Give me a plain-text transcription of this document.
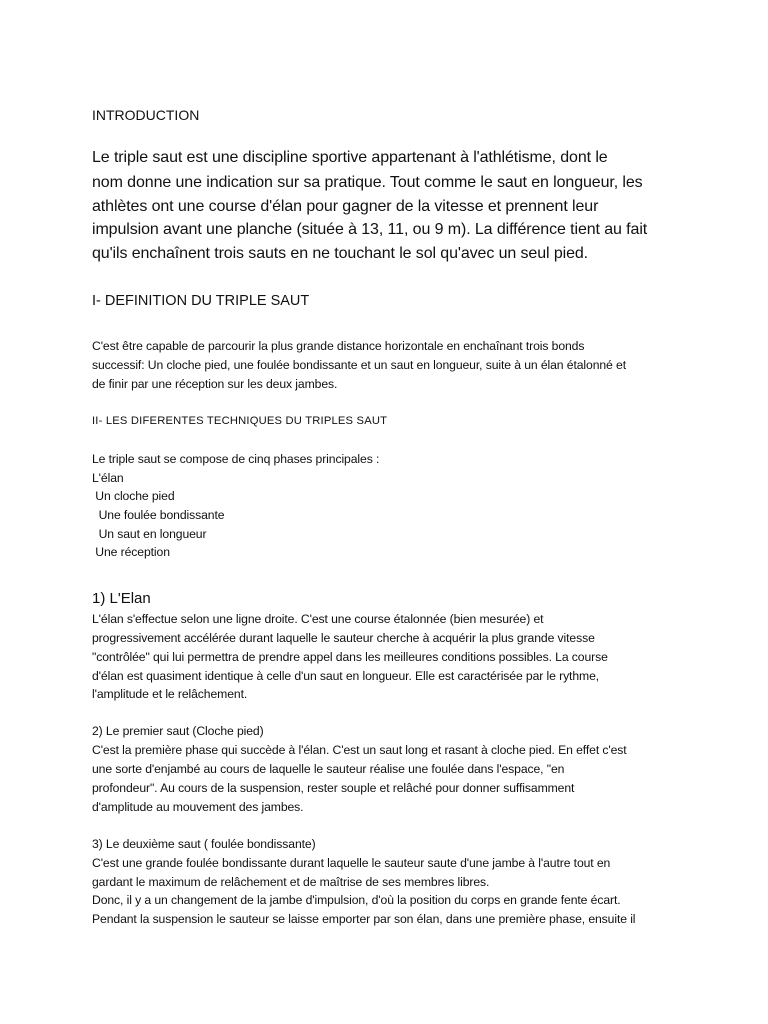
INTRODUCTION
Le triple saut est une discipline sportive appartenant à l'athlétisme, dont le
nom donne une indication sur sa pratique. Tout comme le saut en longueur, les
athlètes ont une course d'élan pour gagner de la vitesse et prennent leur
impulsion avant une planche (située à 13, 11, ou 9 m). La différence tient au fait
qu'ils enchaînent trois sauts en ne touchant le sol qu'avec un seul pied.
I- DEFINITION DU TRIPLE SAUT
C'est être capable de parcourir la plus grande distance horizontale en enchaînant trois bonds
successif: Un cloche pied, une foulée bondissante et un saut en longueur, suite à un élan étalonné et
de finir par une réception sur les deux jambes.
II- LES DIFERENTES TECHNIQUES DU TRIPLES SAUT
Le triple saut se compose de cinq phases principales :
L'élan
Un cloche pied
Une foulée bondissante
Un saut en longueur
Une réception
1) L'Elan
L'élan s'effectue selon une ligne droite. C'est une course étalonnée (bien mesurée) et
progressivement accélérée durant laquelle le sauteur cherche à acquérir la plus grande vitesse
"contrôlée" qui lui permettra de prendre appel dans les meilleures conditions possibles. La course
d'élan est quasiment identique à celle d'un saut en longueur. Elle est caractérisée par le rythme,
l'amplitude et le relâchement.
2) Le premier saut (Cloche pied)
C'est la première phase qui succède à l'élan. C'est un saut long et rasant à cloche pied. En effet c'est
une sorte d'enjambé au cours de laquelle le sauteur réalise une foulée dans l'espace, "en
profondeur". Au cours de la suspension, rester souple et relâché pour donner suffisamment
d'amplitude au mouvement des jambes.
3) Le deuxième saut ( foulée bondissante)
C'est une grande foulée bondissante durant laquelle le sauteur saute d'une jambe à l'autre tout en
gardant le maximum de relâchement et de maîtrise de ses membres libres.
Donc, il y a un changement de la jambe d'impulsion, d'où la position du corps en grande fente écart.
Pendant la suspension le sauteur se laisse emporter par son élan, dans une première phase, ensuite il
